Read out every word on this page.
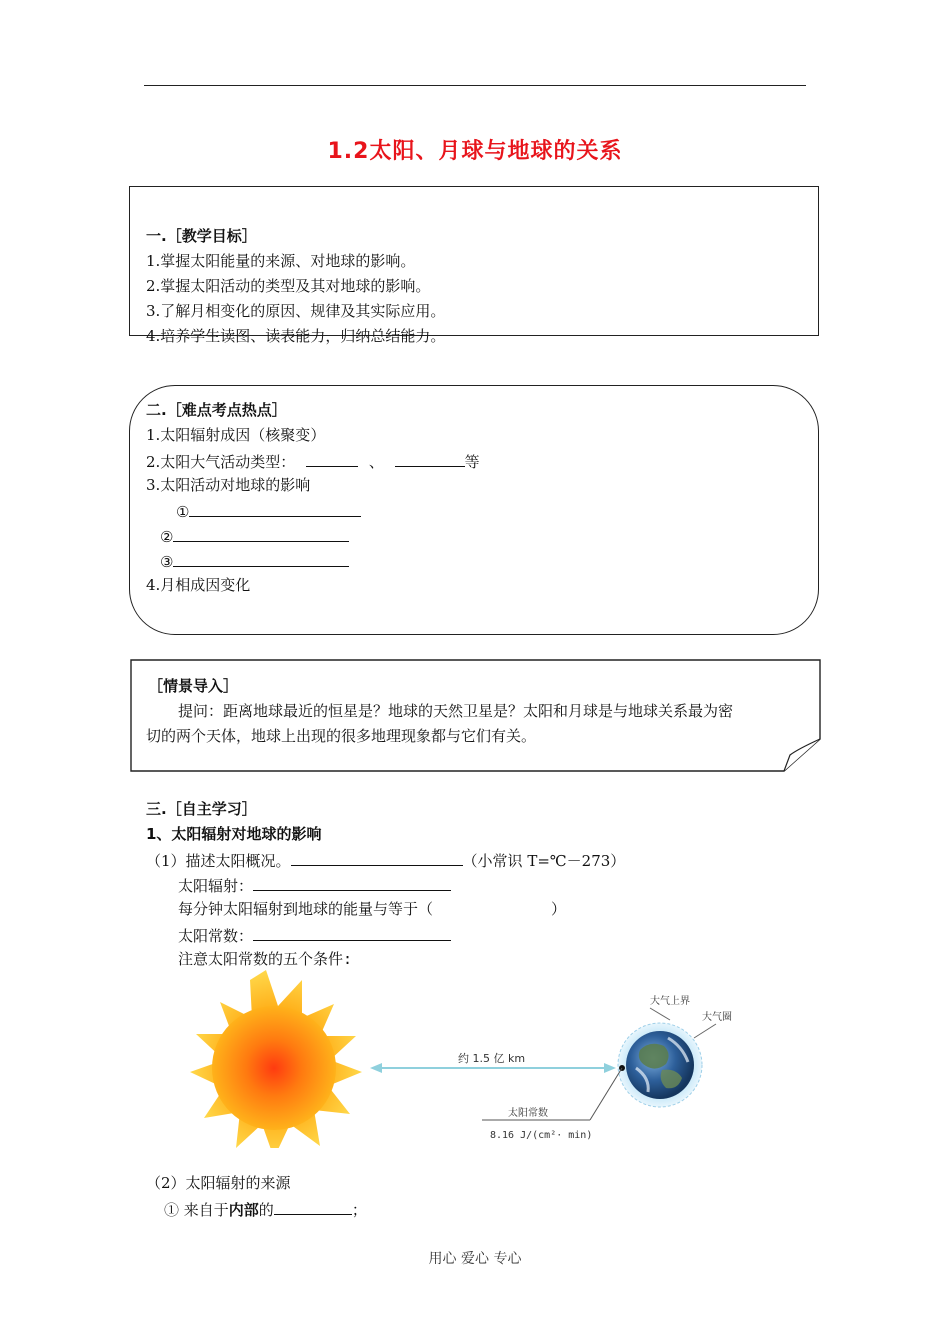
1.2太阳、月球与地球的关系
一.［教学目标］
1.掌握太阳能量的来源、对地球的影响。
2.掌握太阳活动的类型及其对地球的影响。
3.了解月相变化的原因、规律及其实际应用。
4.培养学生读图、读表能力，归纳总结能力。
二.［难点考点热点］
1.太阳辐射成因（核聚变）
2.太阳大气活动类型：	、	等
3.太阳活动对地球的影响
①
②
③
4.月相成因变化
［情景导入］
提问：距离地球最近的恒星是？地球的天然卫星是？太阳和月球是与地球关系最为密
切的两个天体，地球上出现的很多地理现象都与它们有关。
三.［自主学习］
1、太阳辐射对地球的影响
（1）描述太阳概况。	（小常识 T=℃－273）
太阳辐射：
每分钟太阳辐射到地球的能量与等于（	）
太阳常数：
注意太阳常数的五个条件:
约 1.5 亿 km
大气上界
大气圈
太阳常数
8.16 J/(cm²· min)
（2）太阳辐射的来源
① 来自于内部的	；
用心 爱心 专心
